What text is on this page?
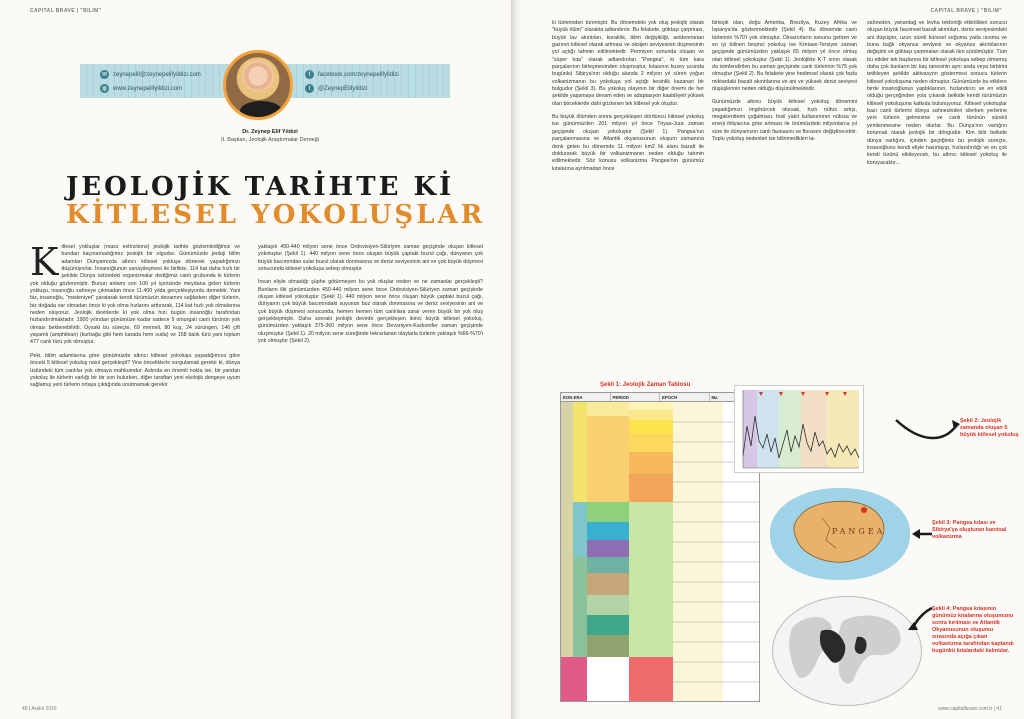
CAPITAL BRAVE | "BILIM"
✉ zeynepelif@zeynepelifyildizi.com
◍ www.zeynepelifyildizi.com
f	facebook.com/zeynepelifyildizi
t	@ZeynepElifyildizi
Dr. Zeynep Elif Yıldızi
II. Başkan, Jeolojik Araştırmalar Derneği
JEOLOJİK TARİHTE Kİ
KİTLESEL YOKOLUŞLAR

Kitlesel yokluşlar (mass extinctions) jeolojik tarihte gözlemlediğimiz ve bundan kaçınamadığımız jeolojik bir olgudur. Günümüzde jeoloji bilim adamları Dünyamızda altıncı kitlesel yokluşa dönerek yaşadığımızı düşünüyorlar. İnsanoğlunun sanayileşmesi ile birlikte, 114 kat daha hızlı bir şekilde Dünya üstündeki organizmalar dediğimiz canlı grubunda ki türlerin yok olduğu gözlenmiştir. Bunun anlamı son 100 yıl içerisinde meydana gelen türlerin yokluşu, insanoğlu sahneye çıkmadan önce 11.400 yılda gerçekleşiyordu demektir. Yani biz, insanoğlu, "medeniyet" yaratarak kendi türümüzün devamını sağlarken diğer türlerin, biz doğada var olmadan önce ki yok olma hızlarını arttırarak, 114 kat hızlı yok olmalarına neden oluyoruz. Jeolojik devirlerde ki yok olma hızı bugün insanoğlu tarafından hızlandırılmaktadır. 1900 yılından günümüze kadar sadece 9 omurgalı canlı türünün yok olması beklenebilirdi. Oysaki bu süreçte, 69 memeli, 80 kuş, 24 sürüngen, 146 çift yaşamlı (amphibian) (kurbağa gibi hem karada hem suda) ve 158 balık türü yani toplam 477 canlı türü yok olmuştur.

Peki, bilim adamlarına göre günümüzde altıncı kitlesel yokoluşu yaşadığımıza göre önceki 5 kitlesel yokuluş nasıl gerçekleşti? Yine önceliklerle vurgulamak gerekir ki, dünya üstündeki tüm canlılar yok olmaya mahkumdur. Aslında en önemli nokta ise, bir yandan yokoluş ile türlerin varlığı bir bir son bulurken, diğer taraftan yeni ekolojik dengeye uyum sağlamış yeni türlerin ortaya çıktığında unutmamak gerekir.

yaklaşık 450-440 milyon sene önce Ordovisiyen-Silüriyen zaman geçişinde oluşan kitlesel yokoluştur (Şekil 1). 440 milyon sene önce oluşan büyük çaptaki buzul çağı, dünyanın çok büyük bacımından sular buzul olarak donmasına ve deniz seviyesinin ani ve çok büyük düşmesi sonucunda kitlesel yokoluşa sebep olmuştur.

İnsan eliyle olmadığı şüphe götürmeyen bu yok oluşlar neden ve ne zamanlar gerçekleşti? Bunların ilki günümüzden 450-440 milyon sene önce Ordovisiyen-Silüriyen zaman geçişinde oluşan kitlesel yokoluştur (Şekil 1). 440 milyon sene önce oluşan büyük çaptaki buzul çağı, dünyanın çok büyük bacımındaki suyunun buz olarak donmasına ve deniz seviyesinin ani ve çok büyük düşmesi sonucunda, hemen hemen tüm canlılara zarar veren büyük bir yok oluş gerçekleşmiştir. Daha sonraki jeolojik devirde gerçekleşen ikinci büyük kitlesel yokoluş, günümüzden yaklaşık 375-360 milyon sene önce Devoniyen-Karbonifer zaman geçişinde oluşmuştur (Şekil 1). 20 milyon sene süreğinde tekrarlanan olaylarla türlerin yaklaşık %66-%70'i yok olmuştur (Şekil 2).

40 | Aralık 2016
CAPITAL BRAVE | "BILIM"

ki türlerinden türemiştir. Bu dönemdeki yok oluş jeolojik olarak "büyük ölüm" olarakta adlandırılır. Bu felakete, göktaşı çarpması, büyük lav akıntıları, kuraklık, iklim değişikliği, anidenmetan gazının kitlesel olarak artması ve oksijen seviyesinin düşmesinin yol açtığı tahmin edilmektedir. Permiyen sonunda oluşan ve "süper kıta" olarak adlandırılan "Pangea", ki tüm kara parçalarının birleşmesinden oluşmuştur, kıtasının kuzey ucunda bugünkü Sibirya'nın olduğu alanda 2 milyon yıl süren yoğun volkanizmanın bu yokoluşa yol açtığı kesinlik kazanan bir bulgudur (Şekil 3). Bu yokoluş olayının bir diğer önemi de her şekilde yaşamaya devam eden ve adaptasyon kaabiliyeti yüksek olan böceklerde dahi gözlenen tek kitlesel yok oluştur.

Bu büyük ölümden sonra gerçekleşen dördüncü kitlesel yokoluş ise günümüzden 201 milyon yıl önce Triyas-Jura zaman geçişinde oluşan yokoluştur (Şekil 1). Pangea'nın parçalanmasına ve Atlantik okyanusunun oluşum zamanına denk gelen bu dönemde 11 milyon km2 lik alanı bazalt ile doldurarak büyük bir volkanizmanın neden olduğu tahmin edilmektedir. Söz konusu volkanizma Pangea'nın günümüz kıtalarına ayrılmadan önce

birleşik olan, doğu Amerika, Brezilya, Kuzey Afrika ve İspanya'da gözlenmektedir (Şekil 4). Bu dönemde canlı türlerinin %70'i yok olmuştur. Dinazorların sonunu getiren ve en iyi bilinen beşinci yokoluş ise Kretase-Tersiyer zaman geçişinde günümüzden yaklaşık 65 milyon yıl önce olmuş olan kitlesel yokoluştur (Şekil 1). Jeolojikte K-T sınırı olarak da isimlendirilen bu zaman geçişinde canlı türlerinin %75 yok olmuştur (Şekil 2). Bu felakete yine hedimsel olarak çok fazla miktardaki bazalt akıntılarına ve ani ve yüksek deniz seviyesi düşüşlerinin neden olduğu düşünülmektedir.

Günümüzde altıncı büyük kitlesel yokoluş dönemini yaşadığımızı öngörürcek olursak, hızlı nüfus artışı, megakentlerin çoğalması, fosil yakıt kullanımının nüfusa ve enerji ihtiyacına göre artması ile önümüzdeki milyonlarca yıl süre ile dünyamızın canlı faunasını ve florasını değiştirecektir. Toplu yokoluş nedenleri ise bilinmedikleri ta-

sahneden, yanardağ ve levha tektoniği etkinlikleri sonucu oluşan büyük hacimsel bazalt akıntıları, deniz seviyesindeki ani düşüşler, uzun süreli küresel soğuma yada ısınma ve buna bağlı okyanus seviyesi ve okyanus akıntılarının değişimi ve göktaşı çarpmaları olarak ileri sürülmüştür. Tüm bu etkiler tek başlarına bir kitlesel yokoluşa sebep olmamış daha çok bunların bir kaç tanesinin aynı anda veya birbirini tetikleyen şekilde aktivasyon göstermesi sonucu türlerin kitlesel yokoluşuna neden olmuştur. Günümüzde bu etkilere birde insanoğlunun yaptıklarının, hızlandırıcı ve en etkili olduğu gerçeğinden yola çıkarak belkide kendi türümüzün kitlesel yokoluşuna katkıda bulunuyoruz. Kitlesel yokoluşlar bazı canlı türlerini dünya sahnesinden silerken yerlerine yeni türlerin gelmesine ve canlı türünün sürekli yenilenmesine neden olurlar. Bu Dünya'nın varlığını korumak olarak jeolojik bir döngüdür. Kim bilir belkide dünya varlığını, içinden geçtiğimiz bu jeolojik süreçte, insanoğlunu kendi eliyle hazırlayıp, hızlandırdığı ve en çok kendi türünü etkileyecek, bu altıncı kitlesel yokoluş ile koruyacaktır...

Şekil 1: Jeolojik Zaman Tablosu
EON ERA	PERIOD	EPOCH	Ma
Şekil 2: Jeolojik zamanda oluşan 5 büyük kitlesel yokoluş
PANGEA
Şekil 3: Pangea kıtası ve Sibirya'ya oluşturan kanıtsal volkanizma
Şekil 4: Pangea kıtasının günümüz kıtalarına oluşumunu sonra kırılması ve Atlantik Okyanusunun oluşumu sırasında açığa çıkan volkanizma tarafından kaplandı bugünkü kıtalardaki kalıntılar.
www.capitalbrave.com.tr | 41
